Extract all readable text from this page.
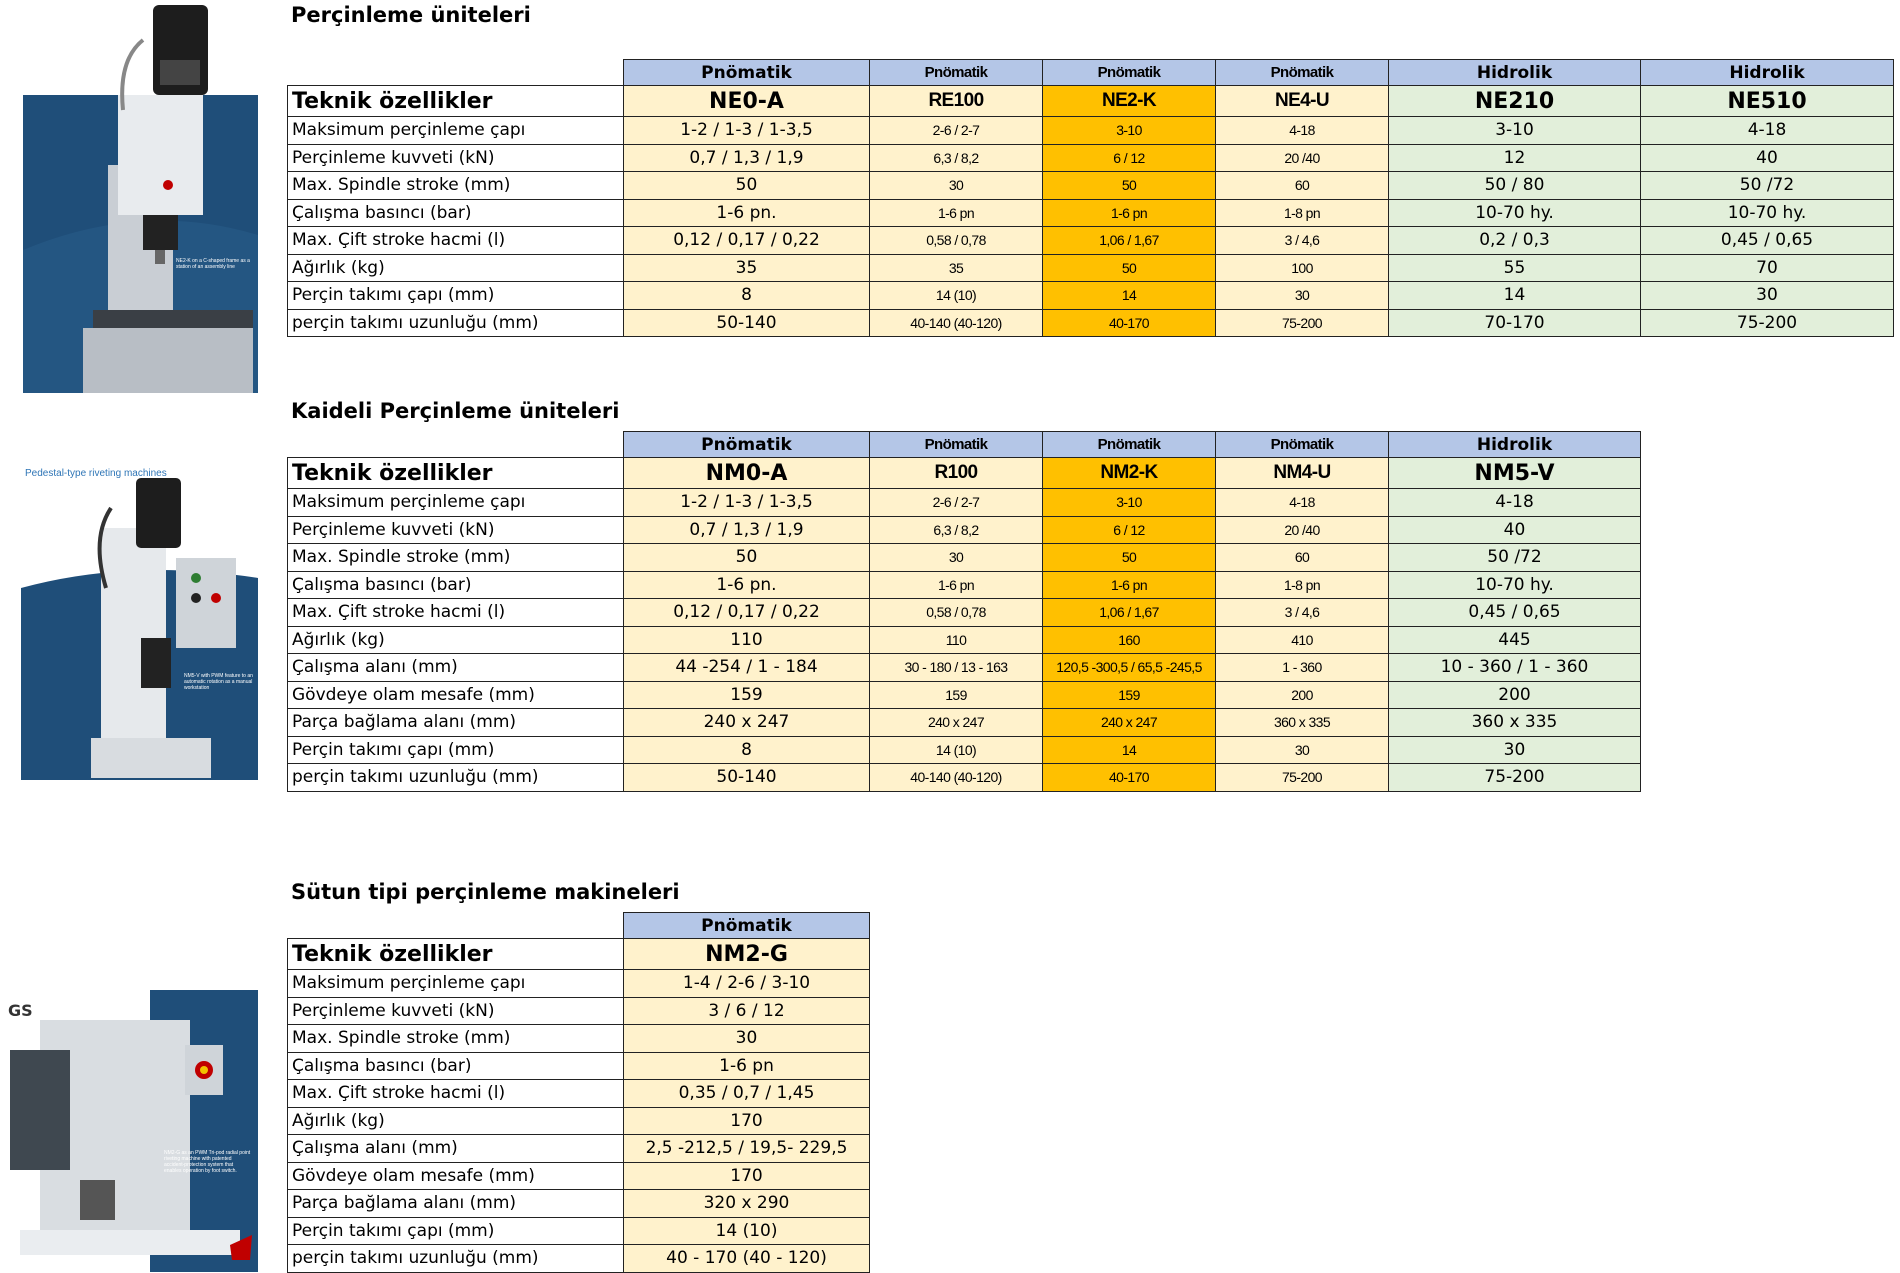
Perçinleme üniteleri
	Pnömatik	Pnömatik	Pnömatik	Pnömatik	Hidrolik	Hidrolik
Teknik özellikler	NE0-A	RE100	NE2-K	NE4-U	NE210	NE510
Maksimum perçinleme çapı	1-2 / 1-3 / 1-3,5	2-6 / 2-7	3-10	4-18	3-10	4-18
Perçinleme kuvveti (kN)	0,7 / 1,3 / 1,9	6,3 / 8,2	6 / 12	20 /40	12	40
Max. Spindle stroke (mm)	50	30	50	60	50 / 80	50 /72
Çalışma basıncı (bar)	1-6 pn.	1-6 pn	1-6 pn	1-8 pn	10-70 hy.	10-70 hy.
Max. Çift stroke hacmi (l)	0,12 / 0,17 / 0,22	0,58 / 0,78	1,06 / 1,67	3 / 4,6	0,2 / 0,3	0,45 / 0,65
Ağırlık (kg)	35	35	50	100	55	70
Perçin takımı çapı (mm)	8	14 (10)	14	30	14	30
perçin takımı uzunluğu (mm)	50-140	40-140 (40-120)	40-170	75-200	70-170	75-200
Kaideli Perçinleme üniteleri
	Pnömatik	Pnömatik	Pnömatik	Pnömatik	Hidrolik
Teknik özellikler	NM0-A	R100	NM2-K	NM4-U	NM5-V
Maksimum perçinleme çapı	1-2 / 1-3 / 1-3,5	2-6 / 2-7	3-10	4-18	4-18
Perçinleme kuvveti (kN)	0,7 / 1,3 / 1,9	6,3 / 8,2	6 / 12	20 /40	40
Max. Spindle stroke (mm)	50	30	50	60	50 /72
Çalışma basıncı (bar)	1-6 pn.	1-6 pn	1-6 pn	1-8 pn	10-70 hy.
Max. Çift stroke hacmi (l)	0,12 / 0,17 / 0,22	0,58 / 0,78	1,06 / 1,67	3 / 4,6	0,45 / 0,65
Ağırlık (kg)	110	110	160	410	445
Çalışma alanı (mm)	44 -254 / 1 - 184	30 - 180 / 13 - 163	120,5 -300,5 / 65,5 -245,5	1 - 360	10 - 360 / 1 - 360
Gövdeye olam mesafe (mm)	159	159	159	200	200
Parça bağlama alanı (mm)	240 x 247	240 x 247	240 x 247	360 x 335	360 x 335
Perçin takımı çapı (mm)	8	14 (10)	14	30	30
perçin takımı uzunluğu (mm)	50-140	40-140 (40-120)	40-170	75-200	75-200
Sütun tipi perçinleme makineleri
	Pnömatik
Teknik özellikler	NM2-G
Maksimum perçinleme çapı	1-4 / 2-6 / 3-10
Perçinleme kuvveti (kN)	3 / 6 / 12
Max. Spindle stroke (mm)	30
Çalışma basıncı (bar)	1-6 pn
Max. Çift stroke hacmi (l)	0,35 / 0,7 / 1,45
Ağırlık (kg)	170
Çalışma alanı (mm)	2,5 -212,5 / 19,5- 229,5
Gövdeye olam mesafe (mm)	170
Parça bağlama alanı (mm)	320 x 290
Perçin takımı çapı (mm)	14 (10)
perçin takımı uzunluğu (mm)	40 - 170 (40 - 120)
NE2-K on a C-shaped frame as a station of an assembly line
Pedestal-type riveting machines
NM5-V with PWM feature to an automatic rotation as a manual workstation
GS
NM2-G as an PWM Tri-pod radial point riveting machine with patented accident-protection system that enables operation by foot switch.
